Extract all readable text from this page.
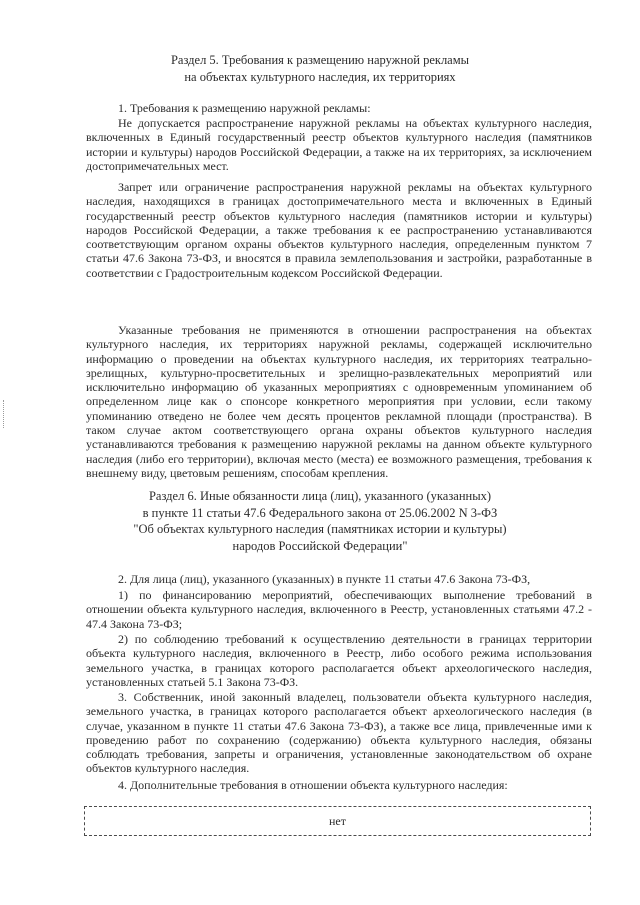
Раздел 5. Требования к размещению наружной рекламы
на объектах культурного наследия, их территориях
1. Требования к размещению наружной рекламы:
Не допускается распространение наружной рекламы на объектах культурного наследия, включенных в Единый государственный реестр объектов культурного наследия (памятников истории и культуры) народов Российской Федерации, а также на их территориях, за исключением достопримечательных мест.
Запрет или ограничение распространения наружной рекламы на объектах культурного наследия, находящихся в границах достопримечательного места и включенных в Единый государственный реестр объектов культурного наследия (памятников истории и культуры) народов Российской Федерации, а также требования к ее распространению устанавливаются соответствующим органом охраны объектов культурного наследия, определенным пунктом 7 статьи 47.6 Закона 73-ФЗ, и вносятся в правила землепользования и застройки, разработанные в соответствии с Градостроительным кодексом Российской Федерации.
Указанные требования не применяются в отношении распространения на объектах культурного наследия, их территориях наружной рекламы, содержащей исключительно информацию о проведении на объектах культурного наследия, их территориях театрально-зрелищных, культурно-просветительных и зрелищно-развлекательных мероприятий или исключительно информацию об указанных мероприятиях с одновременным упоминанием об определенном лице как о спонсоре конкретного мероприятия при условии, если такому упоминанию отведено не более чем десять процентов рекламной площади (пространства). В таком случае актом соответствующего органа охраны объектов культурного наследия устанавливаются требования к размещению наружной рекламы на данном объекте культурного наследия (либо его территории), включая место (места) ее возможного размещения, требования к внешнему виду, цветовым решениям, способам крепления.
Раздел 6. Иные обязанности лица (лиц), указанного (указанных)
в пункте 11 статьи 47.6 Федерального закона от 25.06.2002 N 3-ФЗ
"Об объектах культурного наследия (памятниках истории и культуры)
народов Российской Федерации"
2. Для лица (лиц), указанного (указанных) в пункте 11 статьи 47.6 Закона 73-ФЗ,
1) по финансированию мероприятий, обеспечивающих выполнение требований в отношении объекта культурного наследия, включенного в Реестр, установленных статьями 47.2 - 47.4 Закона 73-ФЗ;
2) по соблюдению требований к осуществлению деятельности в границах территории объекта культурного наследия, включенного в Реестр, либо особого режима использования земельного участка, в границах которого располагается объект археологического наследия, установленных статьей 5.1 Закона 73-ФЗ.
3. Собственник, иной законный владелец, пользователи объекта культурного наследия, земельного участка, в границах которого располагается объект археологического наследия (в случае, указанном в пункте 11 статьи 47.6 Закона 73-ФЗ), а также все лица, привлеченные ими к проведению работ по сохранению (содержанию) объекта культурного наследия, обязаны соблюдать требования, запреты и ограничения, установленные законодательством об охране объектов культурного наследия.
4. Дополнительные требования в отношении объекта культурного наследия:
нет
